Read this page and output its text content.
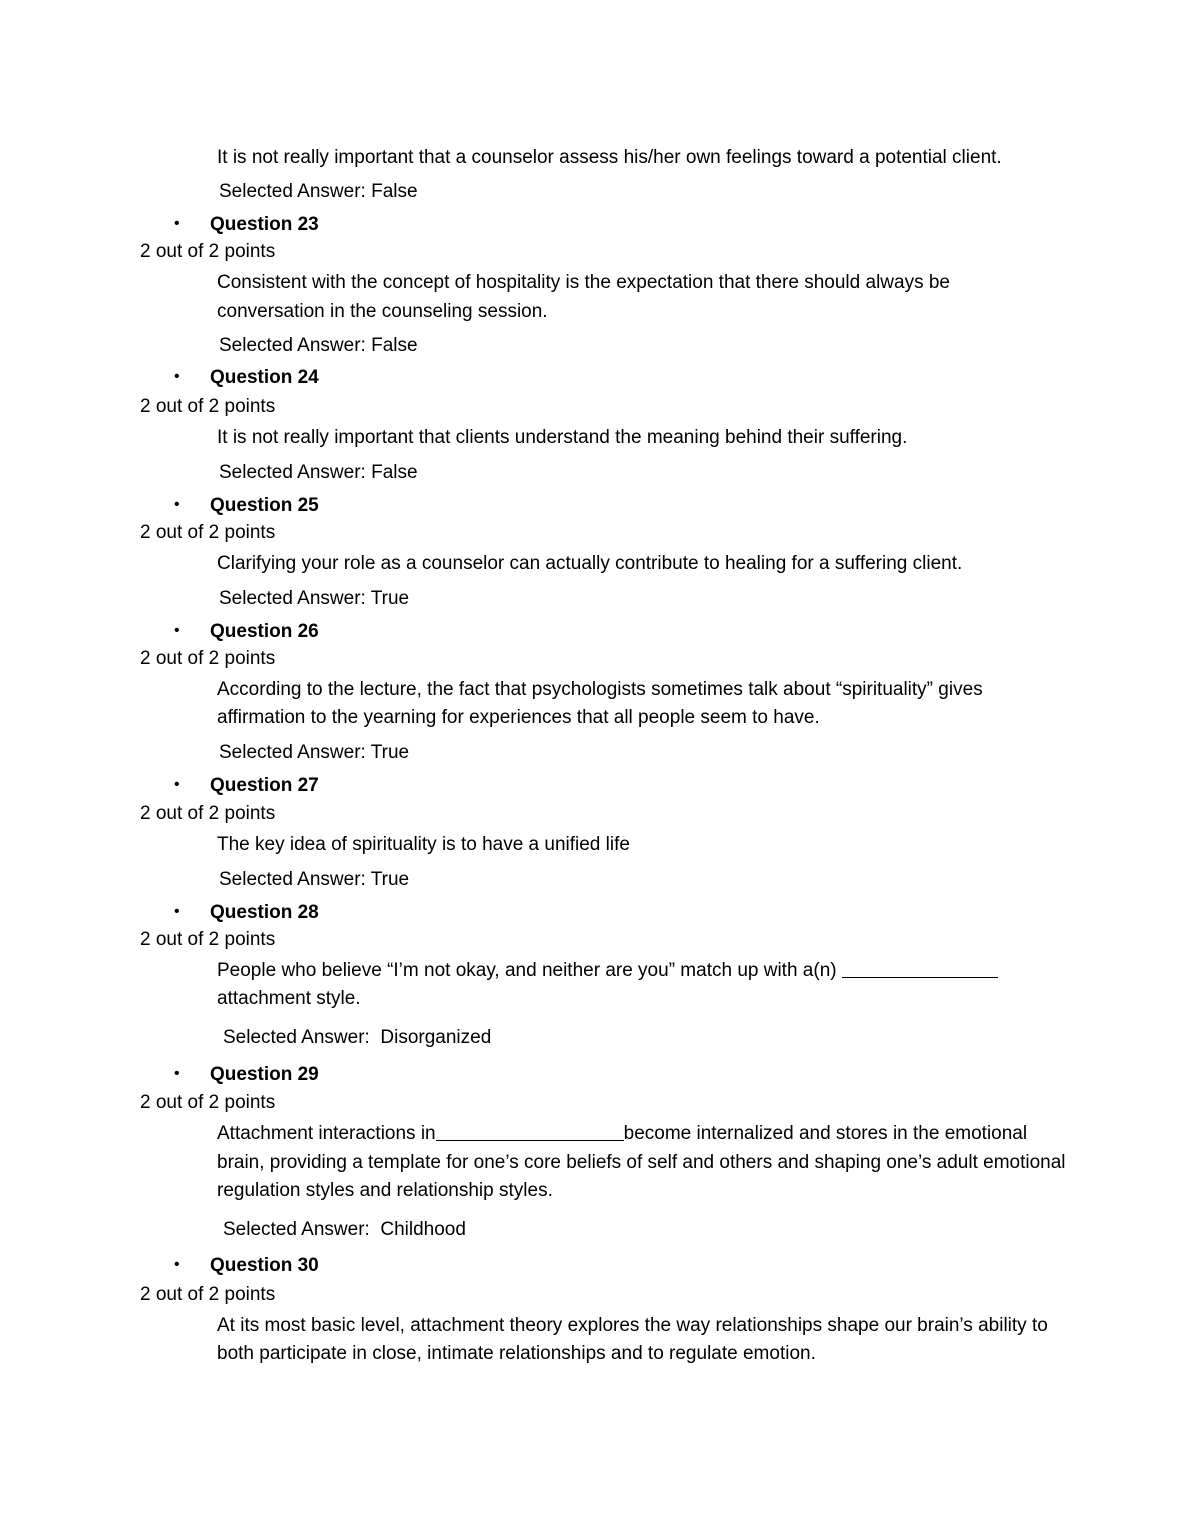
It is not really important that a counselor assess his/her own feelings toward a potential client.
Selected Answer: False
• Question 23
2 out of 2 points
Consistent with the concept of hospitality is the expectation that there should always be
conversation in the counseling session.
Selected Answer: False
• Question 24
2 out of 2 points
It is not really important that clients understand the meaning behind their suffering.
Selected Answer: False
• Question 25
2 out of 2 points
Clarifying your role as a counselor can actually contribute to healing for a suffering client.
Selected Answer: True
• Question 26
2 out of 2 points
According to the lecture, the fact that psychologists sometimes talk about “spirituality” gives
affirmation to the yearning for experiences that all people seem to have.
Selected Answer: True
• Question 27
2 out of 2 points
The key idea of spirituality is to have a unified life
Selected Answer: True
• Question 28
2 out of 2 points
People who believe “I’m not okay, and neither are you” match up with a(n)
attachment style.
Selected Answer: Disorganized
• Question 29
2 out of 2 points
Attachment interactions in	become internalized and stores in the emotional
brain, providing a template for one’s core beliefs of self and others and shaping one’s adult emotional
regulation styles and relationship styles.
Selected Answer: Childhood
• Question 30
2 out of 2 points
At its most basic level, attachment theory explores the way relationships shape our brain’s ability to
both participate in close, intimate relationships and to regulate emotion.
